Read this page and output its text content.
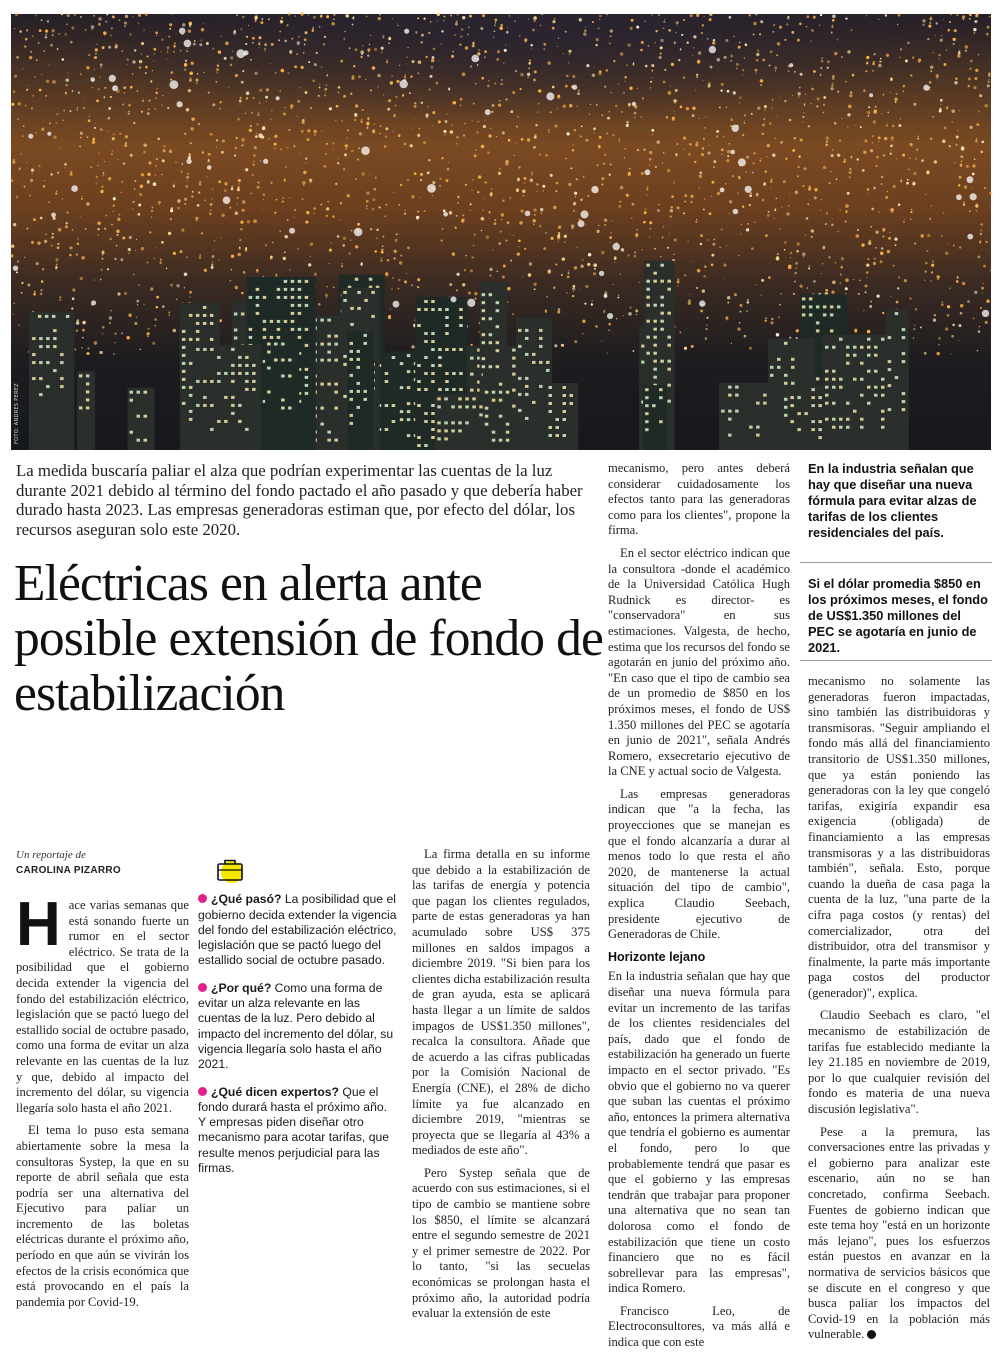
FOTO: ANDRES PEREZ

La medida buscaría paliar el alza que podrían experimentar las cuentas de la luz durante 2021 debido al término del fondo pactado el año pasado y que debería haber durado hasta 2023. Las empresas generadoras estiman que, por efecto del dólar, los recursos aseguran solo este 2020.

Eléctricas en alerta ante posible extensión de fondo de estabilización
Un reportaje de
CAROLINA PIZARRO

Hace varias semanas que está sonando fuerte un rumor en el sector eléctrico. Se trata de la posibilidad que el gobierno decida extender la vigencia del fondo del estabilización eléctrico, legislación que se pactó luego del estallido social de octubre pasado, como una forma de evitar un alza relevante en las cuentas de la luz y que, debido al impacto del incremento del dólar, su vigencia llegaría solo hasta el año 2021.

El tema lo puso esta semana abiertamente sobre la mesa la consultoras Systep, la que en su reporte de abril señala que esta podría ser una alternativa del Ejecutivo para paliar un incremento de las boletas eléctricas durante el próximo año, período en que aún se vivirán los efectos de la crisis económica que está provocando en el país la pandemia por Covid-19.

¿Qué pasó? La posibilidad que el gobierno decida extender la vigencia del fondo del estabilización eléctrico, legislación que se pactó luego del estallido social de octubre pasado.
¿Por qué? Como una forma de evitar un alza relevante en las cuentas de la luz. Pero debido al impacto del incremento del dólar, su vigencia llegaría solo hasta el año 2021.
¿Qué dicen expertos? Que el fondo durará hasta el próximo año. Y empresas piden diseñar otro mecanismo para acotar tarifas, que resulte menos perjudicial para las firmas.

La firma detalla en su informe que debido a la estabilización de las tarifas de energía y potencia que pagan los clientes regulados, parte de estas generadoras ya han acumulado sobre US$ 375 millones en saldos impagos a diciembre 2019. "Si bien para los clientes dicha estabilización resulta de gran ayuda, esta se aplicará hasta llegar a un límite de saldos impagos de US$1.350 millones", recalca la consultora. Añade que de acuerdo a las cifras publicadas por la Comisión Nacional de Energía (CNE), el 28% de dicho límite ya fue alcanzado en diciembre 2019, "mientras se proyecta que se llegaría al 43% a mediados de este año".

Pero Systep señala que de acuerdo con sus estimaciones, si el tipo de cambio se mantiene sobre los $850, el límite se alcanzará entre el segundo semestre de 2021 y el primer semestre de 2022. Por lo tanto, "si las secuelas económicas se prolongan hasta el próximo año, la autoridad podría evaluar la extensión de este

mecanismo, pero antes deberá considerar cuidadosamente los efectos tanto para las generadoras como para los clientes", propone la firma.

En el sector eléctrico indican que la consultora -donde el académico de la Universidad Católica Hugh Rudnick es director- es "conservadora" en sus estimaciones. Valgesta, de hecho, estima que los recursos del fondo se agotarán en junio del próximo año. "En caso que el tipo de cambio sea de un promedio de $850 en los próximos meses, el fondo de US$ 1.350 millones del PEC se agotaría en junio de 2021", señala Andrés Romero, exsecretario ejecutivo de la CNE y actual socio de Valgesta.

Las empresas generadoras indican que "a la fecha, las proyecciones que se manejan es que el fondo alcanzaría a durar al menos todo lo que resta el año 2020, de mantenerse la actual situación del tipo de cambio", explica Claudio Seebach, presidente ejecutivo de Generadoras de Chile.

Horizonte lejano

En la industria señalan que hay que diseñar una nueva fórmula para evitar un incremento de las tarifas de los clientes residenciales del país, dado que el fondo de estabilización ha generado un fuerte impacto en el sector privado. "Es obvio que el gobierno no va querer que suban las cuentas el próximo año, entonces la primera alternativa que tendría el gobierno es aumentar el fondo, pero lo que probablemente tendrá que pasar es que el gobierno y las empresas tendrán que trabajar para proponer una alternativa que no sean tan dolorosa como el fondo de estabilización que tiene un costo financiero que no es fácil sobrellevar para las empresas", indica Romero.

Francisco Leo, de Electroconsultores, va más allá e indica que con este

En la industria señalan que hay que diseñar una nueva fórmula para evitar alzas de tarifas de los clientes residenciales del país.
Si el dólar promedia $850 en los próximos meses, el fondo de US$1.350 millones del PEC se agotaría en junio de 2021.

mecanismo no solamente las generadoras fueron impactadas, sino también las distribuidoras y transmisoras. "Seguir ampliando el fondo más allá del financiamiento transitorio de US$1.350 millones, que ya están poniendo las generadoras con la ley que congeló tarifas, exigiría expandir esa exigencia (obligada) de financiamiento a las empresas transmisoras y a las distribuidoras también", señala. Esto, porque cuando la dueña de casa paga la cuenta de la luz, "una parte de la cifra paga costos (y rentas) del comercializador, otra del distribuidor, otra del transmisor y finalmente, la parte más importante paga costos del productor (generador)", explica.

Claudio Seebach es claro, "el mecanismo de estabilización de tarifas fue establecido mediante la ley 21.185 en noviembre de 2019, por lo que cualquier revisión del fondo es materia de una nueva discusión legislativa".

Pese a la premura, las conversaciones entre las privadas y el gobierno para analizar este escenario, aún no se han concretado, confirma Seebach. Fuentes de gobierno indican que este tema hoy "está en un horizonte más lejano", pues los esfuerzos están puestos en avanzar en la normativa de servicios básicos que se discute en el congreso y que busca paliar los impactos del Covid-19 en la población más vulnerable.
